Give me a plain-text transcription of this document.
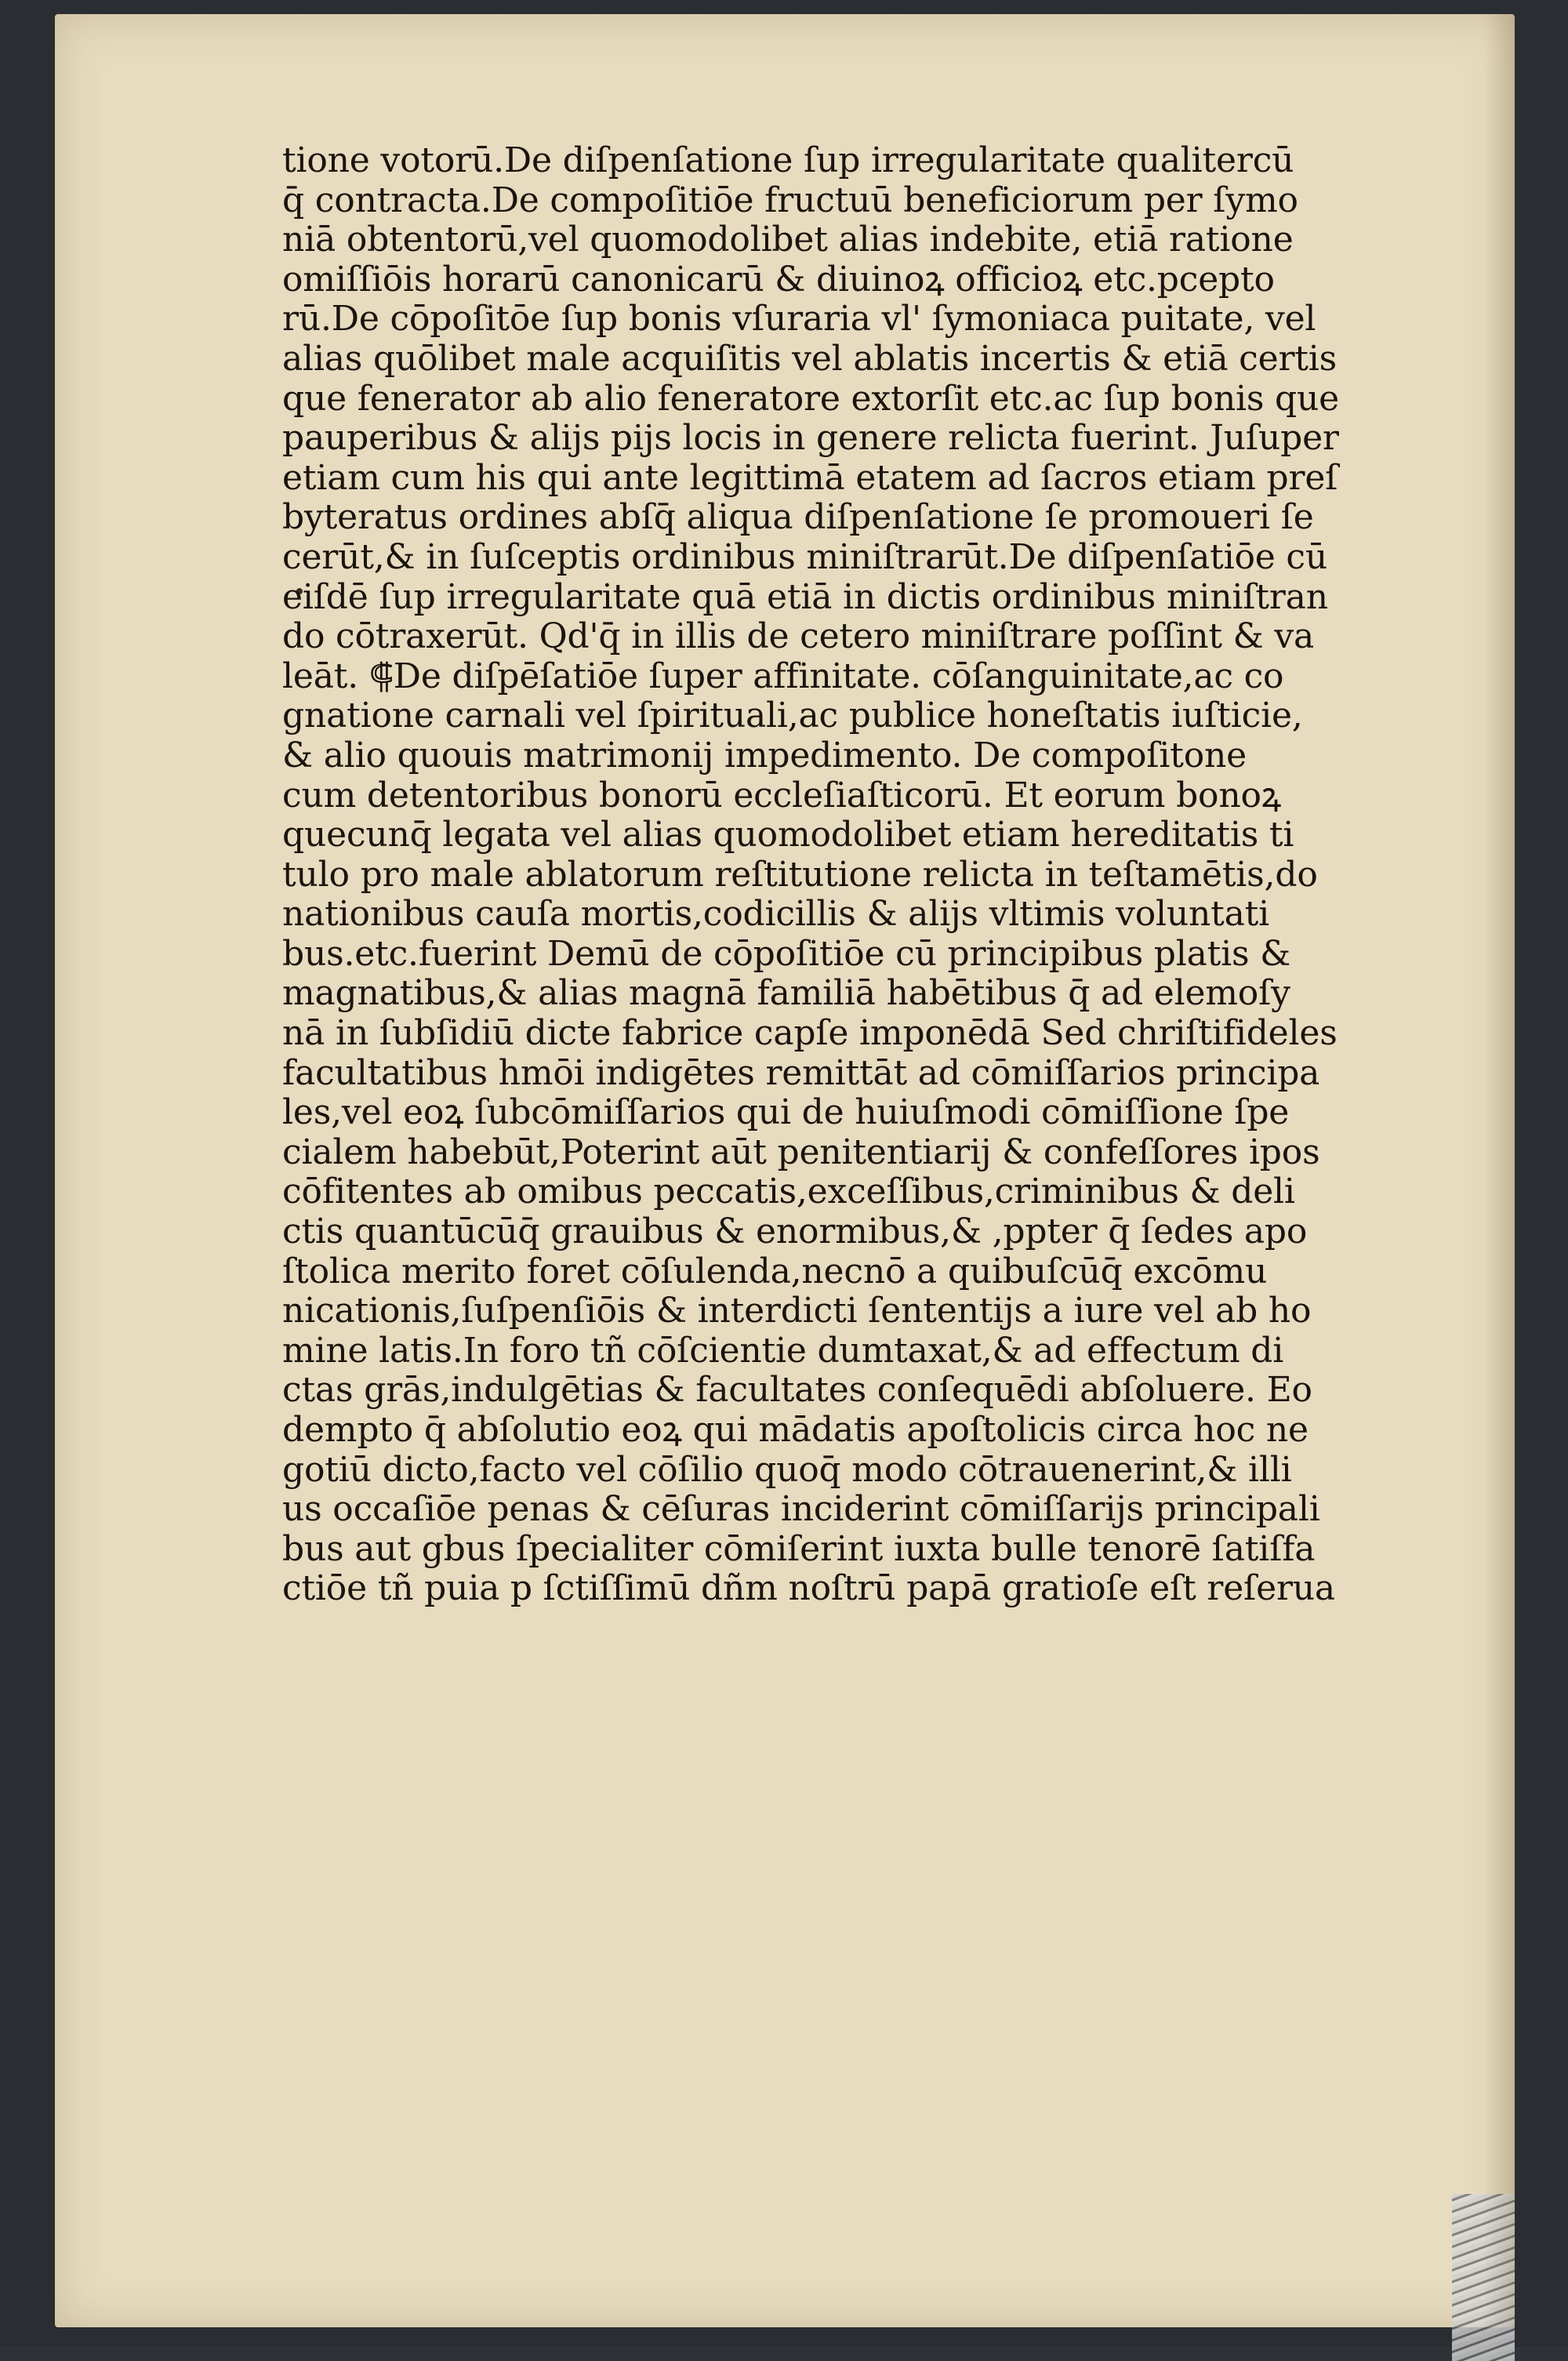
tione votorū.De diſpenſatione ſup irregularitate qualitercū
q̄ contracta.De compoſitiōe fructuū beneficiorum per ſymo
niā obtentorū,vel quomodolibet alias indebite, etiā ratione
omiſſiōis horarū canonicarū & diuinoꝝ officioꝝ etc.pcepto
rū.De cōpoſitōe ſup bonis vſuraria vl' ſymoniaca puitate, vel
alias quōlibet male acquiſitis vel ablatis incertis & etiā certis
que fenerator ab alio feneratore extorſit etc.ac ſup bonis que
pauperibus & alijs pijs locis in genere relicta fuerint. Juſuper
etiam cum his qui ante legittimā etatem ad ſacros etiam preſ
byteratus ordines abſq̄ aliqua diſpenſatione ſe promoueri ſe
cerūt,& in ſuſceptis ordinibus miniſtrarūt.De diſpenſatiōe cū
eiſdē ſup irregularitate quā etiā in dictis ordinibus miniſtran
do cōtraxerūt. Qd'q̄ in illis de cetero miniſtrare poſſint & va
leāt. ⸿De diſpēſatiōe ſuper affinitate. cōſanguinitate,ac co
gnatione carnali vel ſpirituali,ac publice honeſtatis iuſticie,
& alio quouis matrimonij impedimento. De compoſitone
cum detentoribus bonorū eccleſiaſticorū. Et eorum bonoꝝ
quecunq̄ legata vel alias quomodolibet etiam hereditatis ti
tulo pro male ablatorum reſtitutione relicta in teſtamētis,do
nationibus cauſa mortis,codicillis & alijs vltimis voluntati
bus.etc.fuerint Demū de cōpoſitiōe cū principibus platis &
magnatibus,& alias magnā familiā habētibus q̄ ad elemoſy
nā in ſubſidiū dicte fabrice capſe imponēdā Sed chriſtifideles
facultatibus hmōi indigētes remittāt ad cōmiſſarios principa
les,vel eoꝝ ſubcōmiſſarios qui de huiuſmodi cōmiſſione ſpe
cialem habebūt,Poterint aūt penitentiarij & confeſſores ipos
cōfitentes ab omibus peccatis,exceſſibus,criminibus & deli
ctis quantūcūq̄ grauibus & enormibus,& ,ppter q̄ ſedes apo
ſtolica merito foret cōſulenda,necnō a quibuſcūq̄ excōmu
nicationis,ſuſpenſiōis & interdicti ſententijs a iure vel ab ho
mine latis.In foro tñ cōſcientie dumtaxat,& ad effectum di
ctas grās,indulgētias & facultates conſequēdi abſoluere. Eo
dempto q̄ abſolutio eoꝝ qui mādatis apoſtolicis circa hoc ne
gotiū dicto,facto vel cōſilio quoq̄ modo cōtrauenerint,& illi
us occaſiōe penas & cēſuras inciderint cōmiſſarijs principali
bus aut gbus ſpecialiter cōmiſerint iuxta bulle tenorē ſatiſfa
ctiōe tñ puia p ſctiſſimū dñm noſtrū papā gratioſe eſt reſerua
